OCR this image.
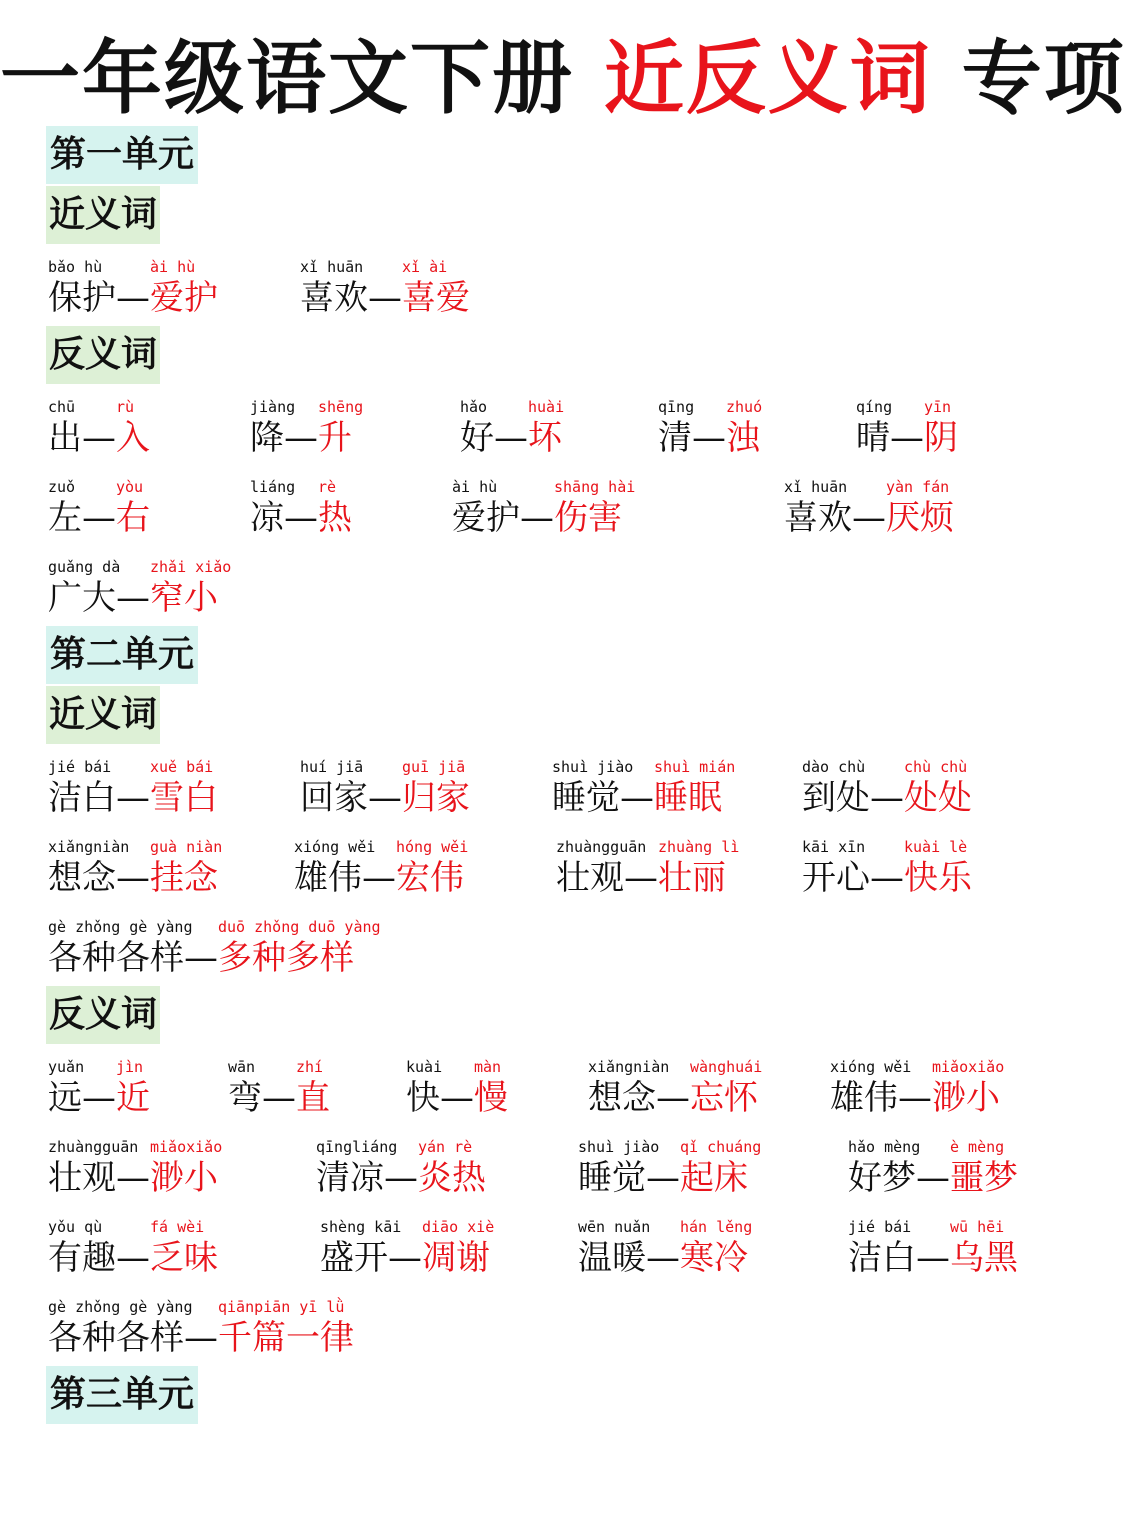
一年级语文下册 近反义词 专项
第一单元
近义词
反义词
第二单元
近义词
反义词
第三单元
bǎo hù	ài hù
保护—爱护
xǐ huān	xǐ ài
喜欢—喜爱
chū	rù
出—入
jiàng shēng
降—升
hǎo	huài
好—坏
qīng zhuó
清—浊
qíng yīn
晴—阴
zuǒ	yòu
左—右
liáng rè
凉—热
ài hù	shāng hài
爱护—伤害
xǐ huān	yàn fán
喜欢—厌烦
guǎng dà zhǎi xiǎo
广大—窄小
jié bái	xuě bái
洁白—雪白
huí jiā	guī jiā
回家—归家
shuì jiào shuì mián
睡觉—睡眠
dào chù	chù chù
到处—处处
xiǎngniàn guà niàn
想念—挂念
xióng wěi hóng wěi
雄伟—宏伟
zhuàngguān zhuàng lì
壮观—壮丽
kāi xīn	kuài lè
开心—快乐
gè zhǒng gè yàng duō zhǒng duō yàng
各种各样—多种多样
yuǎn jìn
远—近
wān	zhí
弯—直
kuài màn
快—慢
xiǎngniàn wànghuái
想念—忘怀
xióng wěi miǎoxiǎo
雄伟—渺小
zhuàngguān miǎoxiǎo
壮观—渺小
qīngliáng yán rè
清凉—炎热
shuì jiào qǐ chuáng
睡觉—起床
hǎo mèng è mèng
好梦—噩梦
yǒu qù	fá wèi
有趣—乏味
shèng kāi diāo xiè
盛开—凋谢
wēn nuǎn hán lěng
温暖—寒冷
jié bái	wū hēi
洁白—乌黑
gè zhǒng gè yàng qiānpiān yī lǜ
各种各样—千篇一律
